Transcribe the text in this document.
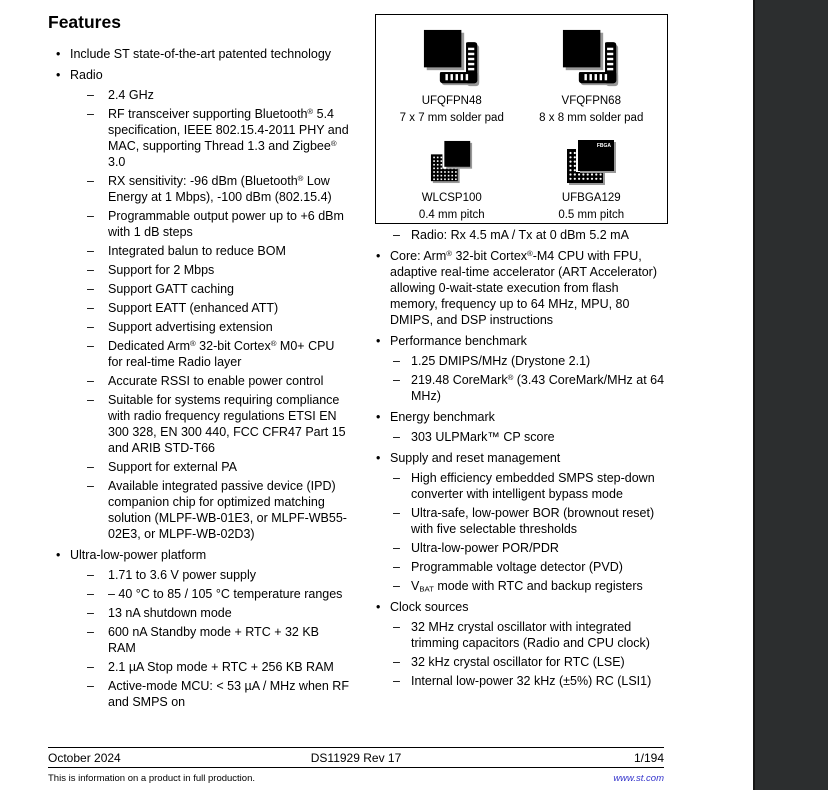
Features
• Include ST state-of-the-art patented technology
• Radio
– 2.4 GHz
– RF transceiver supporting Bluetooth® 5.4 specification, IEEE 802.15.4-2011 PHY and MAC, supporting Thread 1.3 and Zigbee® 3.0
– RX sensitivity: -96 dBm (Bluetooth® Low Energy at 1 Mbps), -100 dBm (802.15.4)
– Programmable output power up to +6 dBm with 1 dB steps
– Integrated balun to reduce BOM
– Support for 2 Mbps
– Support GATT caching
– Support EATT (enhanced ATT)
– Support advertising extension
– Dedicated Arm® 32-bit Cortex® M0+ CPU for real-time Radio layer
– Accurate RSSI to enable power control
– Suitable for systems requiring compliance with radio frequency regulations ETSI EN 300 328, EN 300 440, FCC CFR47 Part 15 and ARIB STD-T66
– Support for external PA
– Available integrated passive device (IPD) companion chip for optimized matching solution (MLPF-WB-01E3, or MLPF-WB55-02E3, or MLPF-WB-02D3)
• Ultra-low-power platform
– 1.71 to 3.6 V power supply
– – 40 °C to 85 / 105 °C temperature ranges
– 13 nA shutdown mode
– 600 nA Standby mode + RTC + 32 KB RAM
– 2.1 µA Stop mode + RTC + 256 KB RAM
– Active-mode MCU: < 53 µA / MHz when RF and SMPS on
UFQFPN48
7 x 7 mm solder pad
VFQFPN68
8 x 8 mm solder pad
WLCSP100
0.4 mm pitch
FBGA
UFBGA129
0.5 mm pitch
– Radio: Rx 4.5 mA / Tx at 0 dBm 5.2 mA
• Core: Arm® 32-bit Cortex®-M4 CPU with FPU, adaptive real-time accelerator (ART Accelerator) allowing 0-wait-state execution from flash memory, frequency up to 64 MHz, MPU, 80 DMIPS, and DSP instructions
• Performance benchmark
– 1.25 DMIPS/MHz (Drystone 2.1)
– 219.48 CoreMark® (3.43 CoreMark/MHz at 64 MHz)
• Energy benchmark
– 303 ULPMark™ CP score
• Supply and reset management
– High efficiency embedded SMPS step-down converter with intelligent bypass mode
– Ultra-safe, low-power BOR (brownout reset) with five selectable thresholds
– Ultra-low-power POR/PDR
– Programmable voltage detector (PVD)
– $V_{BAT}$ mode with RTC and backup registers
• Clock sources
– 32 MHz crystal oscillator with integrated trimming capacitors (Radio and CPU clock)
– 32 kHz crystal oscillator for RTC (LSE)
– Internal low-power 32 kHz (±5%) RC (LSI1)
October 2024	DS11929 Rev 17	1/194
This is information on a product in full production.	www.st.com
